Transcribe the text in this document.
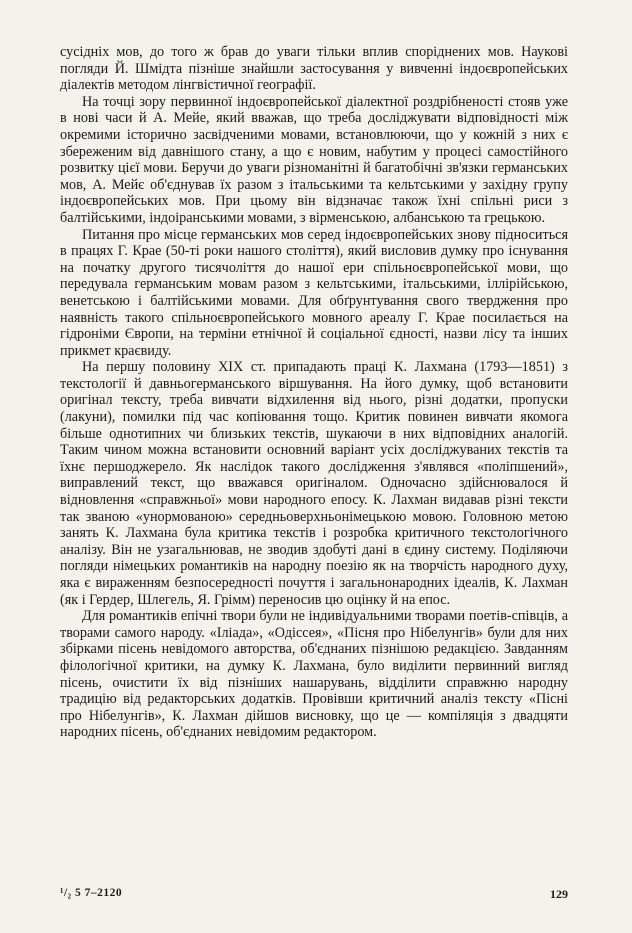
сусідніх мов, до того ж брав до уваги тільки вплив споріднених мов. Наукові погляди Й. Шмідта пізніше знайшли застосування у вивченні індоєвропейських діалектів методом лінгвістичної географії.

На точці зору первинної індоєвропейської діалектної роздрібненості стояв уже в нові часи й А. Мейе, який вважав, що треба досліджувати відповідності між окремими історично засвідченими мовами, встановлюючи, що у кожній з них є збереженим від давнішого стану, а що є новим, набутим у процесі самостійного розвитку цієї мови. Беручи до уваги різноманітні й багатобічні зв'язки германських мов, А. Мейє об'єднував їх разом з італьськими та кельтськими у західну групу індоєвропейських мов. При цьому він відзначає також їхні спільні риси з балтійськими, індоіранськими мовами, з вірменською, албанською та грецькою.

Питання про місце германських мов серед індоєвропейських знову підноситься в працях Г. Крае (50-ті роки нашого століття), який висловив думку про існування на початку другого тисячоліття до нашої ери спільноєвропейської мови, що передувала германським мовам разом з кельтськими, італьськими, іллірійською, венетською і балтійськими мовами. Для обґрунтування свого твердження про наявність такого спільноєвропейського мовного ареалу Г. Крае посилається на гідроніми Європи, на терміни етнічної й соціальної єдності, назви лісу та інших прикмет краєвиду.

На першу половину XIX ст. припадають праці К. Лахмана (1793—1851) з текстології й давньогерманського віршування. На його думку, щоб встановити оригінал тексту, треба вивчати відхилення від нього, різні додатки, пропуски (лакуни), помилки під час копіювання тощо. Критик повинен вивчати якомога більше однотипних чи близьких текстів, шукаючи в них відповідних аналогій. Таким чином можна встановити основний варіант усіх досліджуваних текстів та їхнє першоджерело. Як наслідок такого дослідження з'являвся «поліпшений», виправлений текст, що вважався оригіналом. Одночасно здійснювалося й відновлення «справжньої» мови народного епосу. К. Лахман видавав різні тексти так званою «унормованою» середньоверхньонімецькою мовою. Головною метою занять К. Лахмана була критика текстів і розробка критичного текстологічного аналізу. Він не узагальнював, не зводив здобуті дані в єдину систему. Поділяючи погляди німецьких романтиків на народну поезію як на творчість народного духу, яка є вираженням безпосередності почуття і загальнонародних ідеалів, К. Лахман (як і Гердер, Шлегель, Я. Грімм) переносив цю оцінку й на епос.

Для романтиків епічні твори були не індивідуальними творами поетів-співців, а творами самого народу. «Іліада», «Одіссея», «Пісня про Нібелунгів» були для них збірками пісень невідомого авторства, об'єднаних пізнішою редакцією. Завданням філологічної критики, на думку К. Лахмана, було виділити первинний вигляд пісень, очистити їх від пізніших нашарувань, відділити справжню народну традицію від редакторських додатків. Провівши критичний аналіз тексту «Пісні про Нібелунгів», К. Лахман дійшов висновку, що це — компіляція з двадцяти народних пісень, об'єднаних невідомим редактором.

¹/₂ 5 7–2120	129
